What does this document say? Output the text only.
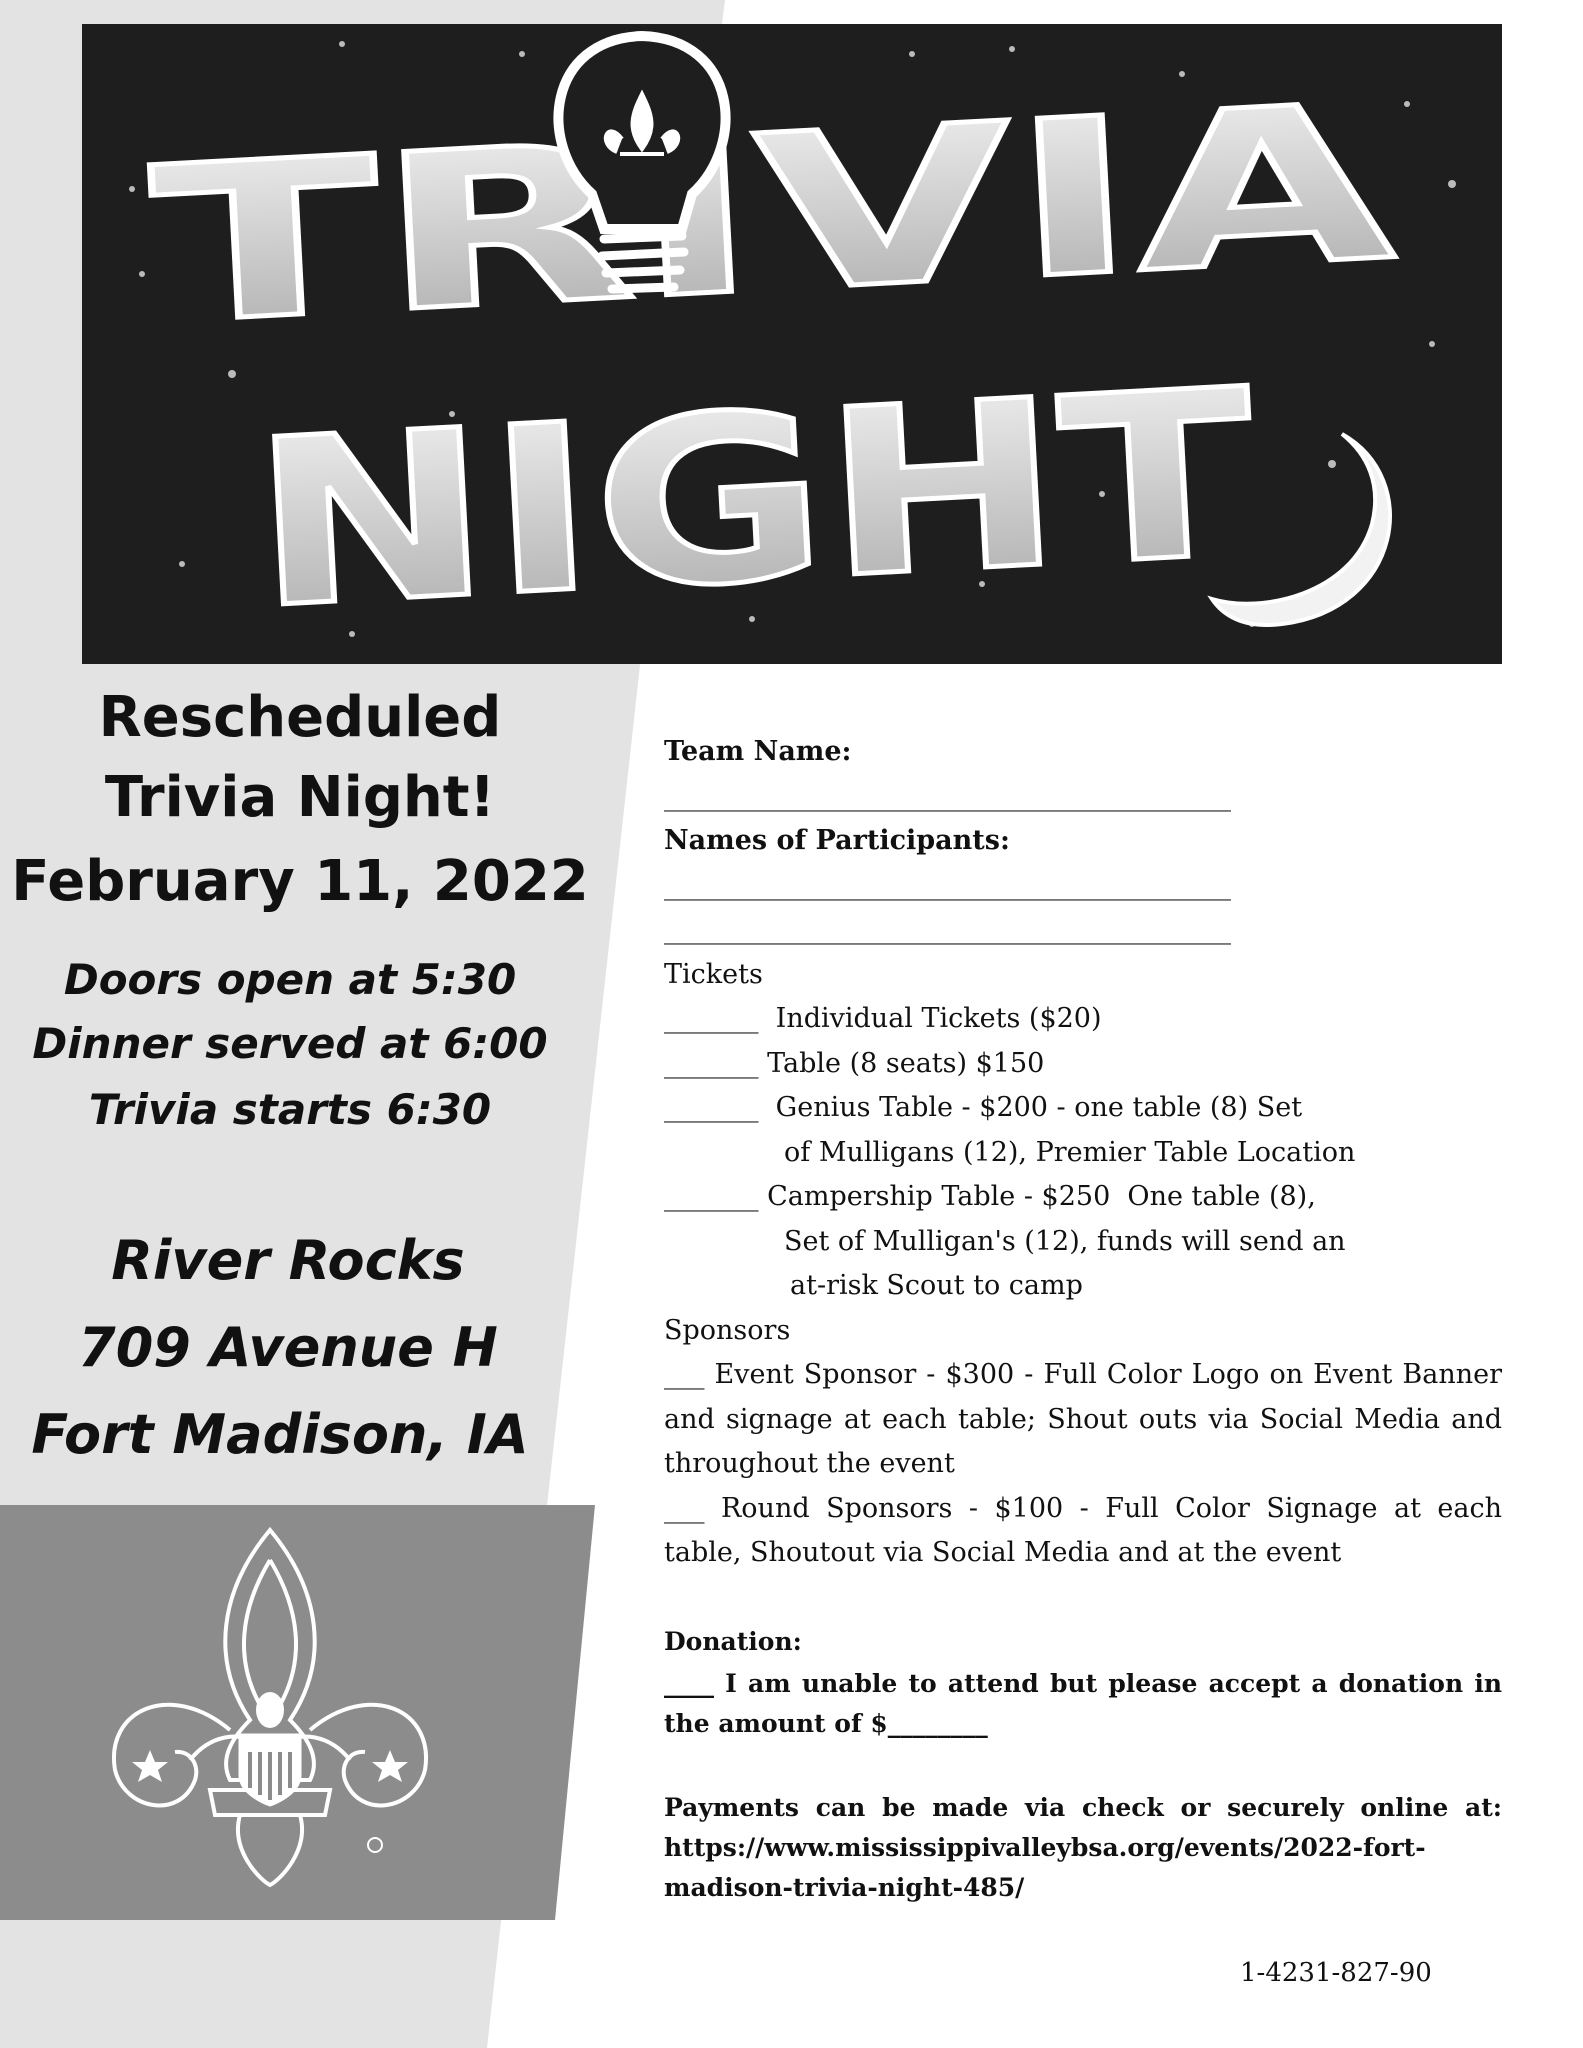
TRIVIA
NIGHT
Rescheduled
Trivia Night!
February 11, 2022
Doors open at 5:30
Dinner served at 6:00
Trivia starts 6:30
River Rocks
709 Avenue H
Fort Madison, IA
Team Name:
__________________________________________
Names of Participants:
__________________________________________
__________________________________________
Tickets
_______  Individual Tickets ($20)
_______ Table (8 seats) $150
_______  Genius Table - $200 - one table (8) Set
of Mulligans (12), Premier Table Location
_______ Campership Table - $250  One table (8),
Set of Mulligan's (12), funds will send an
at-risk Scout to camp
Sponsors
___ Event Sponsor - $300 - Full Color Logo on Event Banner and signage at each table; Shout outs via Social Media and throughout the event
___ Round Sponsors - $100 - Full Color Signage at each table, Shoutout via Social Media and at the event
Donation:
____ I am unable to attend but please accept a donation in the amount of $________
Payments can be made via check or securely online at: https://www.mississippivalleybsa.org/events/2022-fort-madison-trivia-night-485/
1-4231-827-90
